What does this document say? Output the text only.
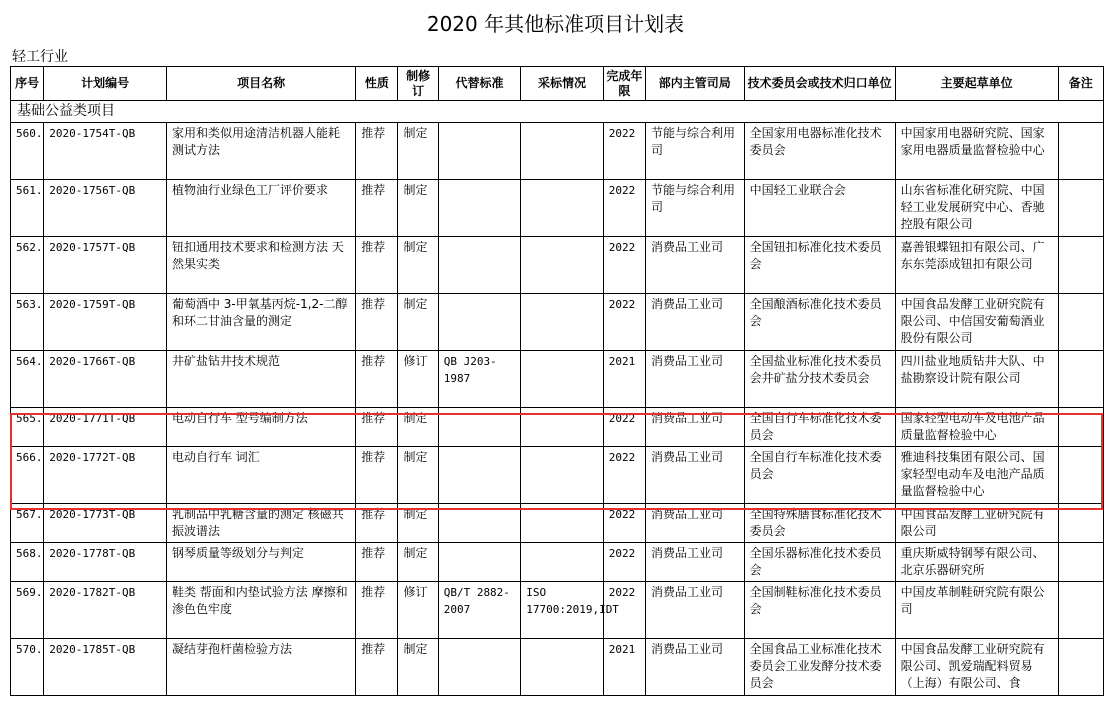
2020 年其他标准项目计划表
轻工行业
序号	计划编号	项目名称	性质	制修订	代替标准	采标情况	完成年限	部内主管司局	技术委员会或技术归口单位	主要起草单位	备注
基础公益类项目											
560.	2020-1754T-QB	家用和类似用途清洁机器人能耗测试方法	推荐	制定			2022	节能与综合利用司	全国家用电器标准化技术委员会	中国家用电器研究院、国家家用电器质量监督检验中心	
561.	2020-1756T-QB	植物油行业绿色工厂评价要求	推荐	制定			2022	节能与综合利用司	中国轻工业联合会	山东省标准化研究院、中国轻工业发展研究中心、香驰控股有限公司	
562.	2020-1757T-QB	钮扣通用技术要求和检测方法 天然果实类	推荐	制定			2022	消费品工业司	全国钮扣标准化技术委员会	嘉善银蝶钮扣有限公司、广东东莞添成钮扣有限公司	
563.	2020-1759T-QB	葡萄酒中 3-甲氧基丙烷-1,2-二醇和环二甘油含量的测定	推荐	制定			2022	消费品工业司	全国酿酒标准化技术委员会	中国食品发酵工业研究院有限公司、中信国安葡萄酒业股份有限公司	
564.	2020-1766T-QB	井矿盐钻井技术规范	推荐	修订	QB J203-1987		2021	消费品工业司	全国盐业标准化技术委员会井矿盐分技术委员会	四川盐业地质钻井大队、中盐勘察设计院有限公司	
565.	2020-1771T-QB	电动自行车 型号编制方法	推荐	制定			2022	消费品工业司	全国自行车标准化技术委员会	国家轻型电动车及电池产品质量监督检验中心	
566.	2020-1772T-QB	电动自行车 词汇	推荐	制定			2022	消费品工业司	全国自行车标准化技术委员会	雅迪科技集团有限公司、国家轻型电动车及电池产品质量监督检验中心	
567.	2020-1773T-QB	乳制品中乳糖含量的测定 核磁共振波谱法	推荐	制定			2022	消费品工业司	全国特殊膳食标准化技术委员会	中国食品发酵工业研究院有限公司	
568.	2020-1778T-QB	钢琴质量等级划分与判定	推荐	制定			2022	消费品工业司	全国乐器标准化技术委员会	重庆斯威特钢琴有限公司、北京乐器研究所	
569.	2020-1782T-QB	鞋类 帮面和内垫试验方法 摩擦和渗色色牢度	推荐	修订	QB/T 2882-2007	ISO 17700:2019,IDT	2022	消费品工业司	全国制鞋标准化技术委员会	中国皮革制鞋研究院有限公司	
570.	2020-1785T-QB	凝结芽孢杆菌检验方法	推荐	制定			2021	消费品工业司	全国食品工业标准化技术委员会工业发酵分技术委员会	中国食品发酵工业研究院有限公司、凯爱瑞配料贸易（上海）有限公司、食	
